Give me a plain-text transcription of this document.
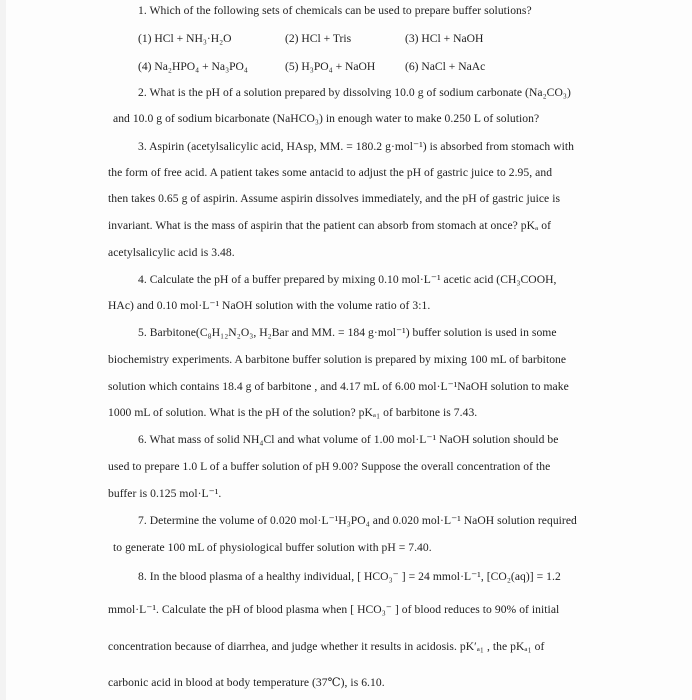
1. Which of the following sets of chemicals can be used to prepare buffer solutions?
(1) HCl + NH₃·H₂O	(2) HCl + Tris	(3) HCl + NaOH
(4) Na₂HPO₄ + Na₃PO₄	(5) H₃PO₄ + NaOH	(6) NaCl + NaAc
2. What is the pH of a solution prepared by dissolving 10.0 g of sodium carbonate (Na₂CO₃)
and 10.0 g of sodium bicarbonate (NaHCO₃) in enough water to make 0.250 L of solution?
3. Aspirin (acetylsalicylic acid, HAsp, MM. = 180.2 g·mol⁻¹) is absorbed from stomach with
the form of free acid. A patient takes some antacid to adjust the pH of gastric juice to 2.95, and
then takes 0.65 g of aspirin. Assume aspirin dissolves immediately, and the pH of gastric juice is
invariant. What is the mass of aspirin that the patient can absorb from stomach at once? pKₐ of
acetylsalicylic acid is 3.48.
4. Calculate the pH of a buffer prepared by mixing 0.10 mol·L⁻¹ acetic acid (CH₃COOH,
HAc) and 0.10 mol·L⁻¹ NaOH solution with the volume ratio of 3:1.
5. Barbitone(C₈H₁₂N₂O₃, H₂Bar and MM. = 184 g·mol⁻¹) buffer solution is used in some
biochemistry experiments. A barbitone buffer solution is prepared by mixing 100 mL of barbitone
solution which contains 18.4 g of barbitone , and 4.17 mL of 6.00 mol·L⁻¹NaOH solution to make
1000 mL of solution. What is the pH of the solution? pKₐ₁ of barbitone is 7.43.
6. What mass of solid NH₄Cl and what volume of 1.00 mol·L⁻¹ NaOH solution should be
used to prepare 1.0 L of a buffer solution of pH 9.00? Suppose the overall concentration of the
buffer is 0.125 mol·L⁻¹.
7. Determine the volume of 0.020 mol·L⁻¹H₃PO₄ and 0.020 mol·L⁻¹ NaOH solution required
to generate 100 mL of physiological buffer solution with pH = 7.40.
8. In the blood plasma of a healthy individual, [ HCO₃⁻ ] = 24 mmol·L⁻¹, [CO₂(aq)] = 1.2
mmol·L⁻¹. Calculate the pH of blood plasma when [ HCO₃⁻ ] of blood reduces to 90% of initial
concentration because of diarrhea, and judge whether it results in acidosis. pK′ₐ₁ , the pKₐ₁ of
carbonic acid in blood at body temperature (37℃), is 6.10.
